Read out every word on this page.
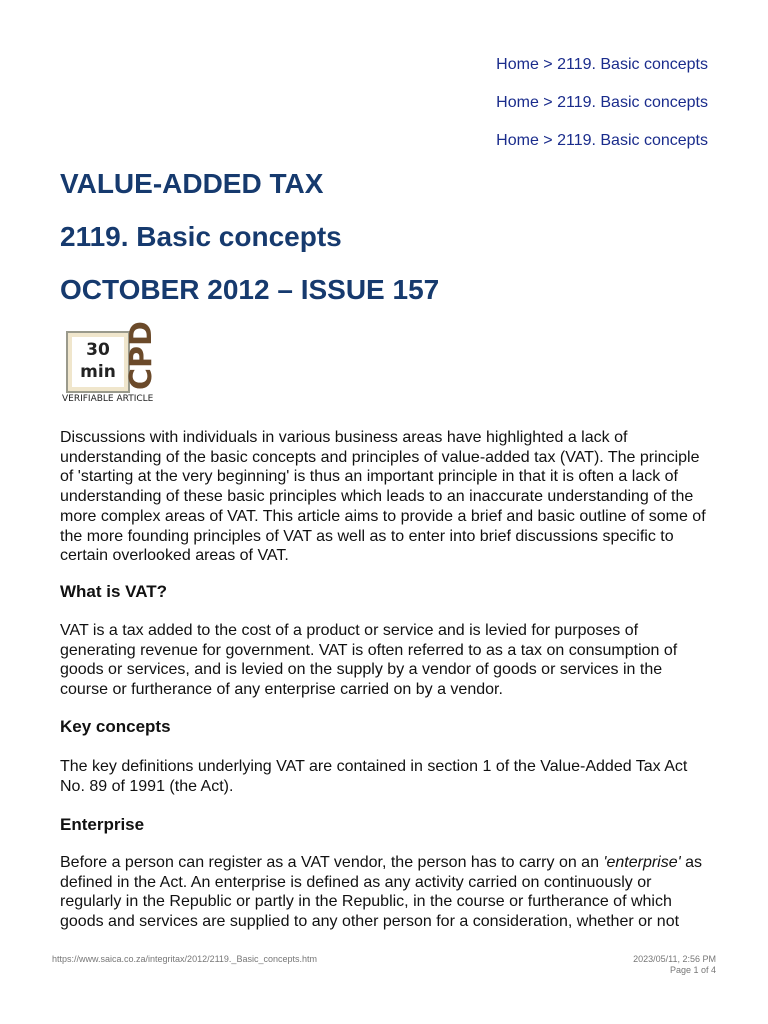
Home > 2119. Basic concepts
Home > 2119. Basic concepts
Home > 2119. Basic concepts
VALUE-ADDED TAX
2119. Basic concepts
OCTOBER 2012 – ISSUE 157
30
min CPD
VERIFIABLE ARTICLE

Discussions with individuals in various business areas have highlighted a lack of understanding of the basic concepts and principles of value-added tax (VAT). The principle of 'starting at the very beginning' is thus an important principle in that it is often a lack of understanding of these basic principles which leads to an inaccurate understanding of the more complex areas of VAT. This article aims to provide a brief and basic outline of some of the more founding principles of VAT as well as to enter into brief discussions specific to certain overlooked areas of VAT.

What is VAT?

VAT is a tax added to the cost of a product or service and is levied for purposes of generating revenue for government. VAT is often referred to as a tax on consumption of goods or services, and is levied on the supply by a vendor of goods or services in the course or furtherance of any enterprise carried on by a vendor.

Key concepts

The key definitions underlying VAT are contained in section 1 of the Value-Added Tax Act No. 89 of 1991 (the Act).

Enterprise

Before a person can register as a VAT vendor, the person has to carry on an 'enterprise' as defined in the Act. An enterprise is defined as any activity carried on continuously or regularly in the Republic or partly in the Republic, in the course or furtherance of which goods and services are supplied to any other person for a consideration, whether or not

https://www.saica.co.za/integritax/2012/2119._Basic_concepts.htm	2023/05/11, 2:56 PM
Page 1 of 4
